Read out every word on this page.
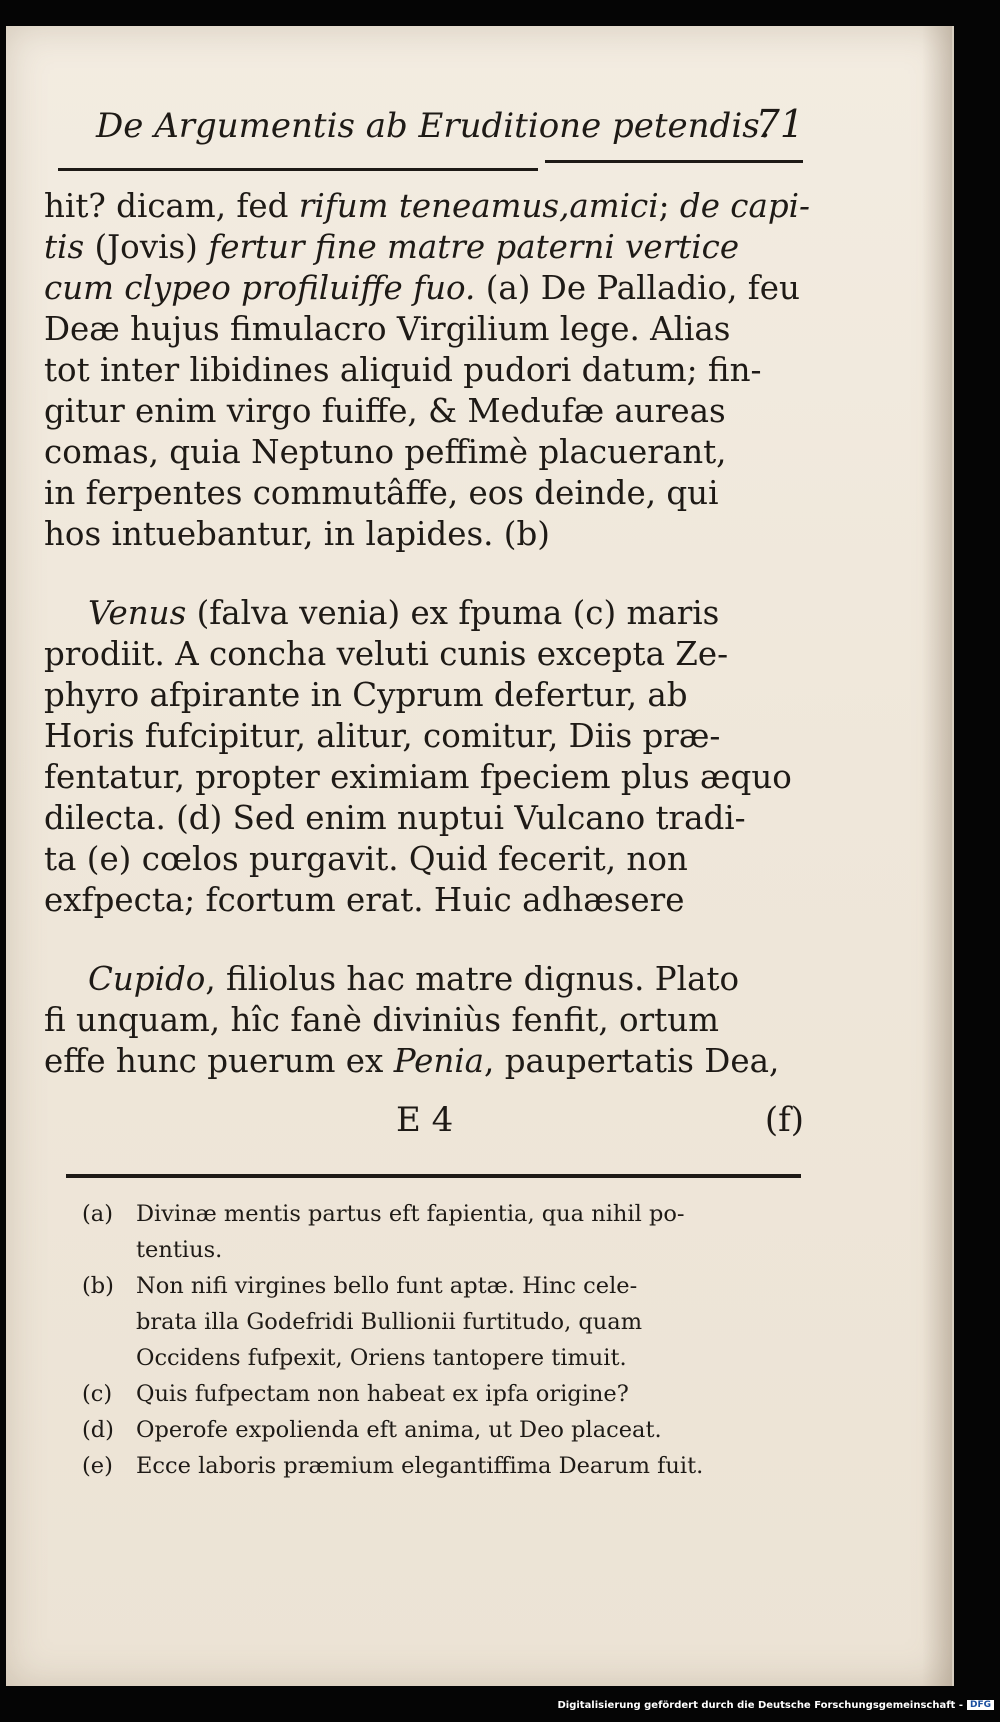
De Argumentis ab Eruditione petendis.
71
hit? dicam, fed rifum teneamus,amici; de capi-
tis (Jovis) fertur fine matre paterni vertice
cum clypeo profiluiffe fuo. (a) De Palladio, feu
Deæ hujus fimulacro Virgilium lege. Alias
tot inter libidines aliquid pudori datum; fin-
gitur enim virgo fuiffe, & Medufæ aureas
comas, quia Neptuno peffimè placuerant,
in ferpentes commutâffe, eos deinde, qui
hos intuebantur, in lapides. (b)
Venus (falva venia) ex fpuma (c) maris
prodiit. A concha veluti cunis excepta Ze-
phyro afpirante in Cyprum defertur, ab
Horis fufcipitur, alitur, comitur, Diis præ-
fentatur, propter eximiam fpeciem plus æquo
dilecta. (d) Sed enim nuptui Vulcano tradi-
ta (e) cœlos purgavit. Quid fecerit, non
exfpecta; fcortum erat. Huic adhæsere
Cupido, filiolus hac matre dignus. Plato
fi unquam, hîc fanè diviniùs fenfit, ortum
effe hunc puerum ex Penia, paupertatis Dea,
E 4	(f)
(a) Divinæ mentis partus eft fapientia, qua nihil po-
tentius.
(b) Non nifi virgines bello funt aptæ. Hinc cele-
brata illa Godefridi Bullionii furtitudo, quam
Occidens fufpexit, Oriens tantopere timuit.
(c) Quis fufpectam non habeat ex ipfa origine?
(d) Operofe expolienda eft anima, ut Deo placeat.
(e) Ecce laboris præmium elegantiffima Dearum fuit.
Digitalisierung gefördert durch die Deutsche Forschungsgemeinschaft - DFG
